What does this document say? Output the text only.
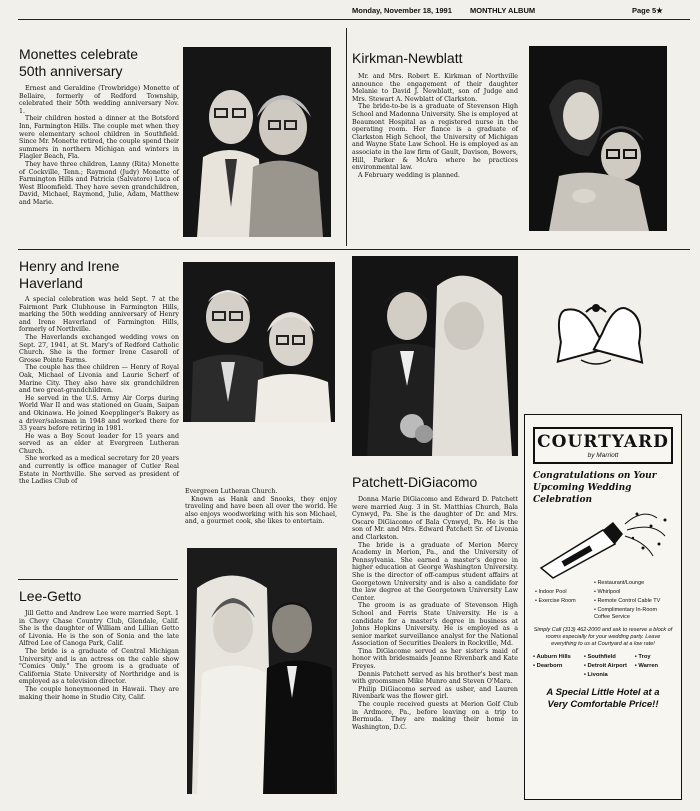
Monday, November 18, 1991 MONTHLY ALBUM	Page 5★
Monettes celebrate
50th anniversary

Ernest and Geraldine (Trowbridge) Monette of Bellaire, formerly of Redford Township, celebrated their 50th wedding anniversary Nov. 1.

Their children hosted a dinner at the Botsford Inn, Farmington Hills. The couple met when they were elementary school children in Southfield. Since Mr. Monette retired, the couple spend their summers in northern Michigan and winters in Flagler Beach, Fla.

They have three children, Lanny (Rita) Monette of Cockville, Tenn.; Raymond (Judy) Monette of Farmington Hills and Patricia (Salvatore) Luca of West Bloomfield. They have seven grandchildren, David, Michael, Raymond, Julie, Adam, Matthew and Marie.

Kirkman-Newblatt

Mr. and Mrs. Robert E. Kirkman of Northville announce the engagement of their daughter Melanie to David J. Newblatt, son of Judge and Mrs. Stewart A. Newblatt of Clarkston.

The bride-to-be is a graduate of Stevenson High School and Madonna University. She is employed at Beaumont Hospital as a registered nurse in the operating room. Her fiance is a graduate of Clarkston High School, the University of Michigan and Wayne State Law School. He is employed as an associate in the law firm of Gault, Davison, Bowers, Hill, Parker & McAra where he practices environmental law.

A February wedding is planned.

Henry and Irene
Haverland

A special celebration was held Sept. 7 at the Fairmont Park Clubhouse in Farmington Hills, marking the 50th wedding anniversary of Henry and Irene Haverland of Farmington Hills, formerly of Northville.

The Haverlands exchanged wedding vows on Sept. 27, 1941, at St. Mary's of Redford Catholic Church. She is the former Irene Casaroll of Grosse Pointe Farms.

The couple has thee children — Henry of Royal Oak, Michael of Livonia and Laurie Scherf of Marine City. They also have six grandchildren and two great-grandchildren.

He served in the U.S. Army Air Corps during World War II and was stationed on Guam, Saipan and Okinawa. He joined Koepplinger's Bakery as a driver/salesman in 1948 and worked there for 33 years before retiring in 1981.

He was a Boy Scout leader for 15 years and served as an elder at Evergreen Lutheran Church.

She worked as a medical secretary for 20 years and currently is office manager of Cutler Real Estate in Northville. She served as president of the Ladies Club of

Evergreen Lutheran Church.

Known as Hank and Snooks, they enjoy traveling and have been all over the world. He also enjoys woodworking with his son Michael, and, a gourmet cook, she likes to entertain.

Lee-Getto

Jill Getto and Andrew Lee were married Sept. 1 in Chevy Chase Country Club, Glendale, Calif. She is the daughter of William and Lillian Getto of Livonia. He is the son of Sonia and the late Alfred Lee of Canoga Park, Calif.

The bride is a graduate of Central Michigan University and is an actress on the cable show "Comics Only." The groom is a graduate of California State University of Northridge and is employed as a television director.

The couple honeymooned in Hawaii. They are making their home in Studio City, Calif.

Patchett-DiGiacomo

Donna Marie DiGiacomo and Edward D. Patchett were married Aug. 3 in St. Matthias Church, Bala Cynwyd, Pa. She is the daughter of Dr. and Mrs. Oscare DiGiacomo of Bala Cynwyd, Pa. He is the son of Mr. and Mrs. Edward Patchett Sr. of Livonia and Clarkston.

The bride is a graduate of Merion Mercy Academy in Merion, Pa., and the University of Pennsylvania. She earned a master's degree in higher education at George Washington University. She is the director of off-campus student affairs at Georgetown University and is also a candidate for the law degree at the Georgetown University Law Center.

The groom is as graduate of Stevenson High School and Ferris State University. He is a candidate for a master's degree in business at Johns Hopkins University. He is employed as a senior market surveillance analyst for the National Association of Securities Dealers in Rockville, Md.

Tina DiGiacome served as her sister's maid of honor with bridesmaids Jeanne Rivenbark and Kate Freyes.

Dennis Patchett served as his brother's best man with groomsmen Mike Munro and Steven O'Mara.

Philip DiGiacomo served as usher, and Lauren Rivenbark was the flower girl.

The couple received guests at Merion Golf Club in Ardmore, Pa., before leaving on a trip to Bermuda. They are making their home in Washington, D.C.

COURTYARD
by Marriott
Congratulations on Your Upcoming Wedding Celebration
• Restaurant/Lounge
• Indoor Pool	• Whirlpool
• Exercise Room	• Remote Control Cable TV
• Complimentary In-Room Coffee Service
Simply Call (313) 462-2000 and ask to reserve a block of rooms especially for your wedding party. Leave everything to us at Courtyard at a low rate!
• Auburn Hills	• Southfield	• Troy
• Dearborn	• Detroit Airport	• Warren
• Livonia
A Special Little Hotel at a
Very Comfortable Price!!
